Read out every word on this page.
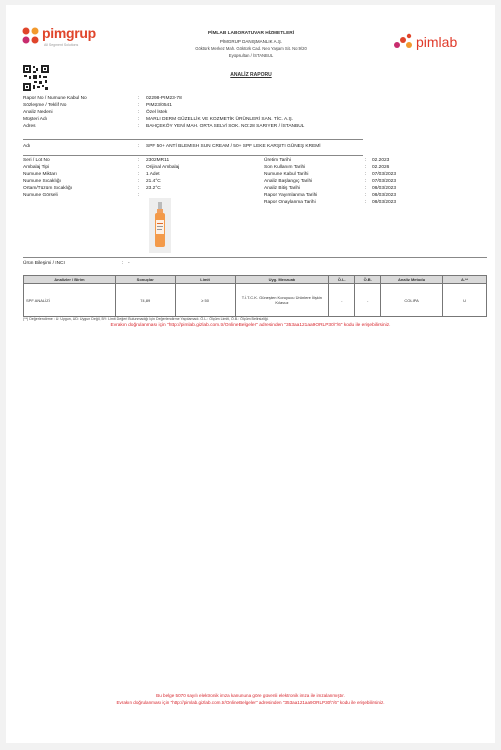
pimgrup
All Segment Solutions	pimlab
PİMLAB LABORATUVAR HİZMETLERİ
PİMGRUP DANIŞMANLIK A.Ş.
Göktürk Merkez Mah. Göktürk Cad. Neo Yaşam Sit. No:9/20
Eyüpsultan / İSTANBUL
ANALİZ RAPORU
Rapor No / Numune Kabul No	: 02298-PIM23-78
Sözleşme / Teklif No	: PIM23/0541
Analiz Nedeni	: Özel İstek
Müşteri Adı	: MARLI DERM GÜZELLİK VE KOZMETİK ÜRÜNLERİ SAN. TİC. A.Ş.
Adres	: BAHÇEKÖY YENİ MAH. ORTA SELVİ SOK. NO:28 SARIYER / İSTANBUL
Adı	: SPF 50+ ANTİ BLEMISH SUN CREAM / 50+ SPF LEKE KARŞITI GÜNEŞ KREMİ
Seri / Lot No	: 2302MR11
Ambalaj Tipi	: Orijinal Ambalaj
Numune Miktarı	: 1 Adet
Numune Sıcaklığı	: 21.4°C
Ortam/Tüzüm Sıcaklığı	: 23.2°C
Numune Görseli	:
Üretim Tarihi	: 02.2023
Son Kullanım Tarihi	: 02.2026
Numune Kabul Tarihi	: 07/03/2023
Analiz Başlangıç Tarihi	: 07/03/2023
Analiz Bitiş Tarihi	: 08/03/2023
Rapor Yayımlanma Tarihi	: 08/03/2023
Rapor Onaylanma Tarihi	: 08/03/2023
Ürün Bileşimi / INCI	: -
Analizler / Birim	Sonuçlar	Limit	Uyg. Mevzuatı	Ö.L.	Ö.B.	Analiz Metodu	A.**
SPF ANALİZİ	74,89	≥ 50	T.İ.T.C.K. Güneşten Koruyucu Ürünlere İlişkin Kılavuz	-	-	COLIPA	U
(**) Değerlendirme : U: Uygun, UD: Uygun Değil, BY: Limit Değeri Bulunmadığı İçin Değerlendirme Yapılamadı. Ö.L.: Ölçüm Limiti, Ö.B.: Ölçüm Belirsizliği.
Evrakın doğrulanması için "http://pimlab.gizlab.com.tr/OnlineBelgeler" adresinden "353aa121aa9ORLP30\"/6" kodu ile erişebilirsiniz.
Bu belge 5070 sayılı elektronik imza kanununa göre güvenli elektronik imza ile imzalanmıştır.
Evrakın doğrulanması için "http://pimlab.gizlab.com.tr/OnlineBelgeler" adresinden "353aa121aa9ORLP30\"/6" kodu ile erişebilirsiniz.
